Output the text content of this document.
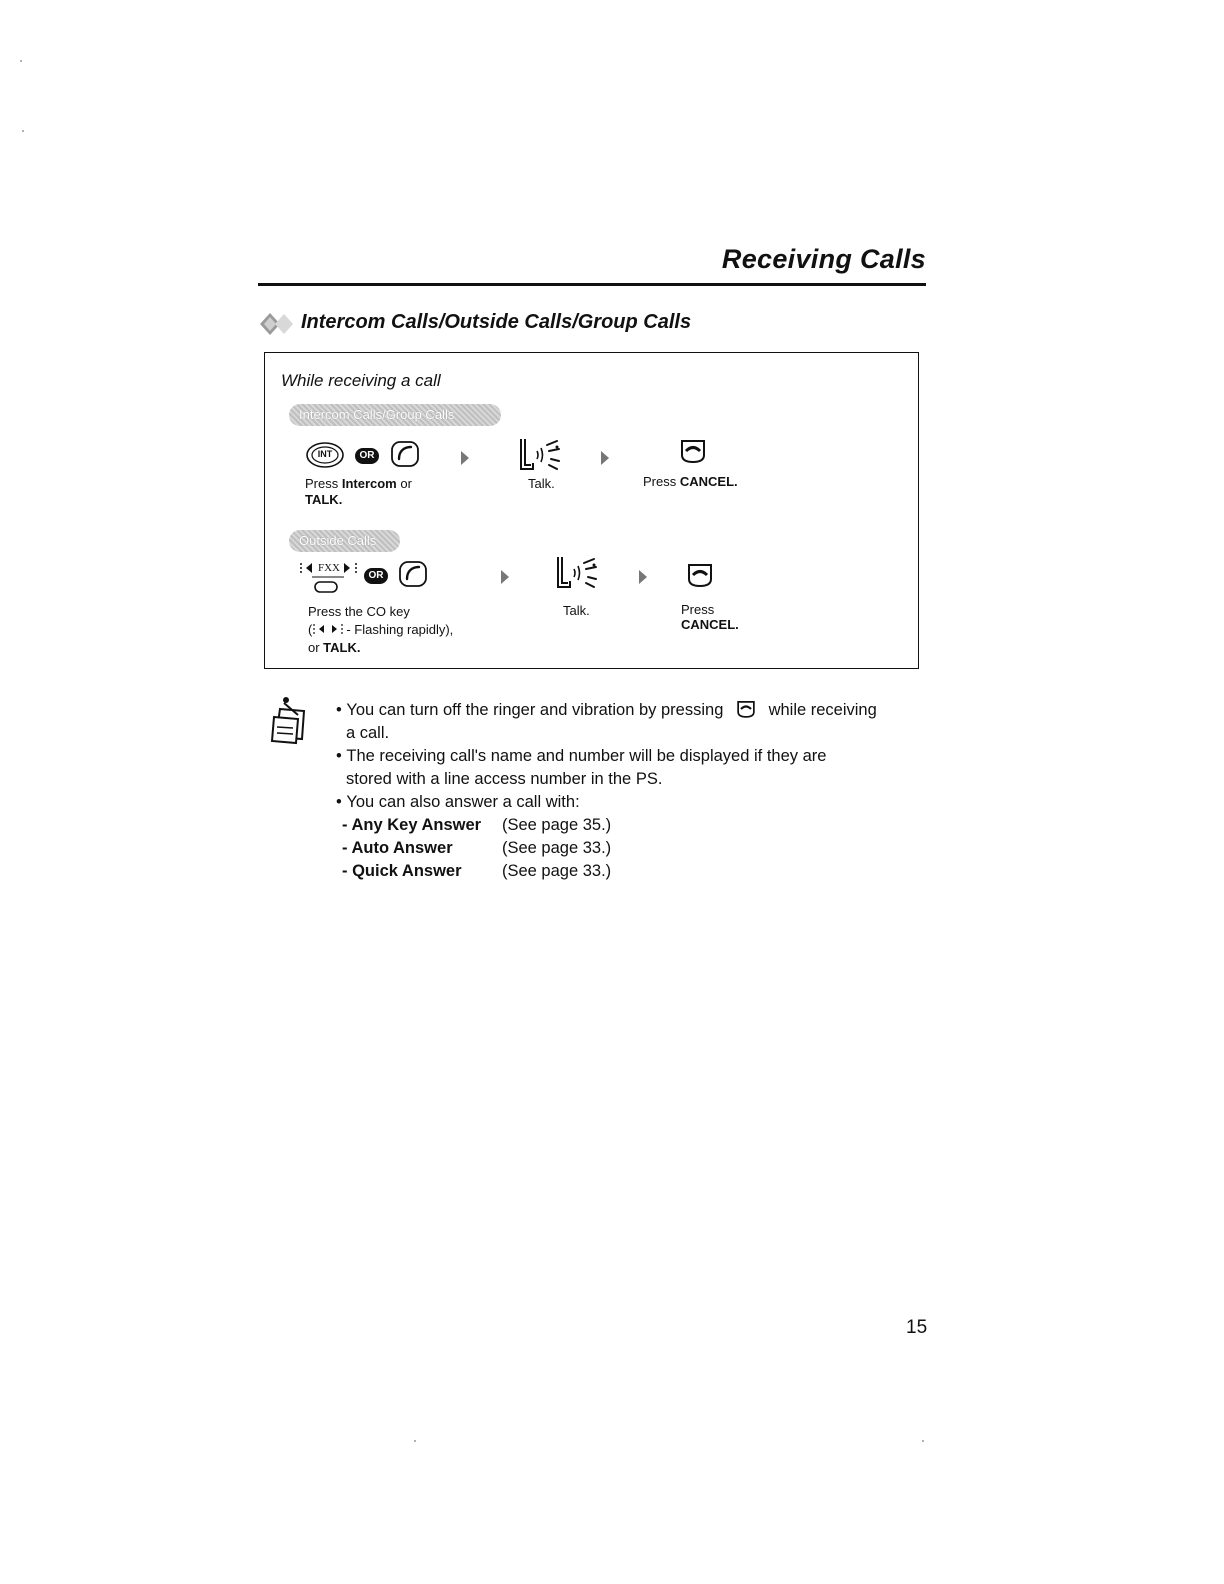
Receiving Calls
Intercom Calls/Outside Calls/Group Calls
While receiving a call
Intercom Calls/Group Calls
INT	OR
Press Intercom or
TALK.
Talk.	Press CANCEL.
Outside Calls
FXX
OR
Press the CO key
(	- Flashing rapidly),
or TALK.
Talk.	Press
CANCEL.
• You can turn off the ringer and vibration by pressing	while receiving
a call.
• The receiving call's name and number will be displayed if they are
stored with a line access number in the PS.
• You can also answer a call with:
- Any Key Answer (See page 35.)
- Auto Answer	(See page 33.)
- Quick Answer (See page 33.)
15
